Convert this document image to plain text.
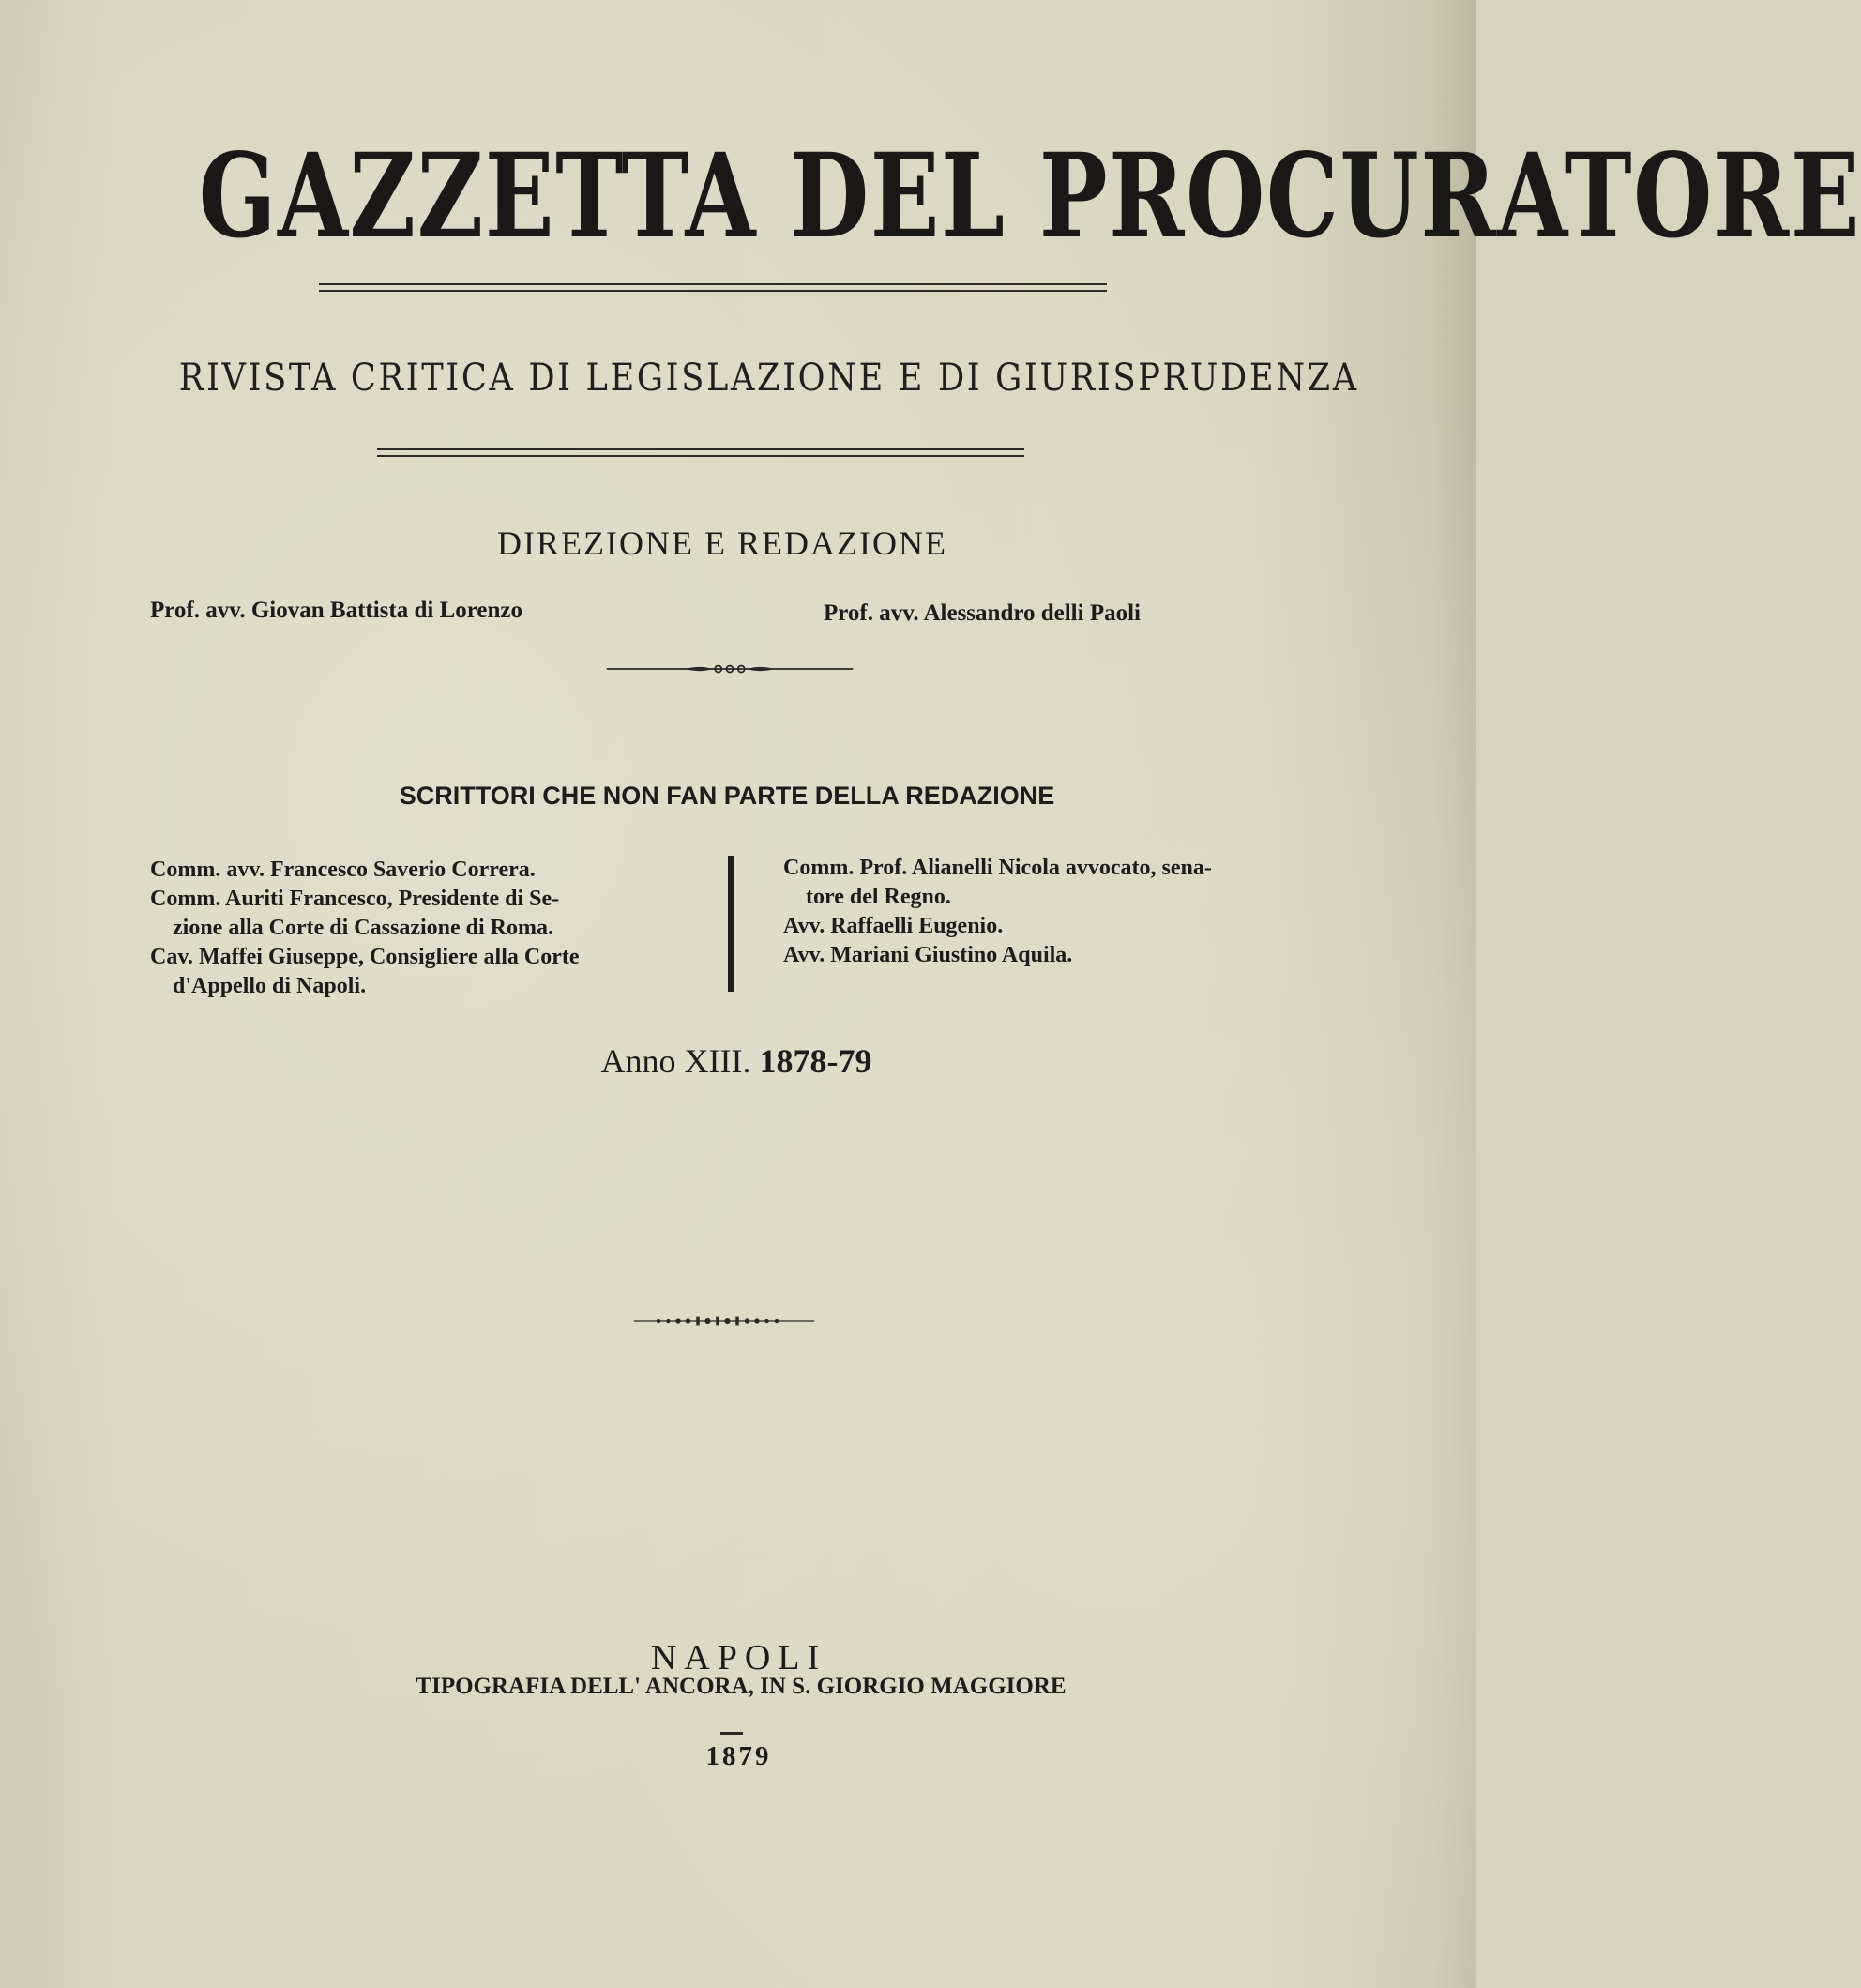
GAZZETTA DEL PROCURATORE
RIVISTA CRITICA DI LEGISLAZIONE E DI GIURISPRUDENZA
DIREZIONE E REDAZIONE
Prof. avv. Giovan Battista di Lorenzo	Prof. avv. Alessandro delli Paoli
SCRITTORI CHE NON FAN PARTE DELLA REDAZIONE

Comm. avv. Francesco Saverio Correra.

Comm. Auriti Francesco, Presidente di Se-
zione alla Corte di Cassazione di Roma.

Cav. Maffei Giuseppe, Consigliere alla Corte
d'Appello di Napoli.

Comm. Prof. Alianelli Nicola avvocato, sena-
tore del Regno.

Avv. Raffaelli Eugenio.

Avv. Mariani Giustino Aquila.

Anno XIII. 1878-79
NAPOLI
TIPOGRAFIA DELL' ANCORA, IN S. GIORGIO MAGGIORE
1879
